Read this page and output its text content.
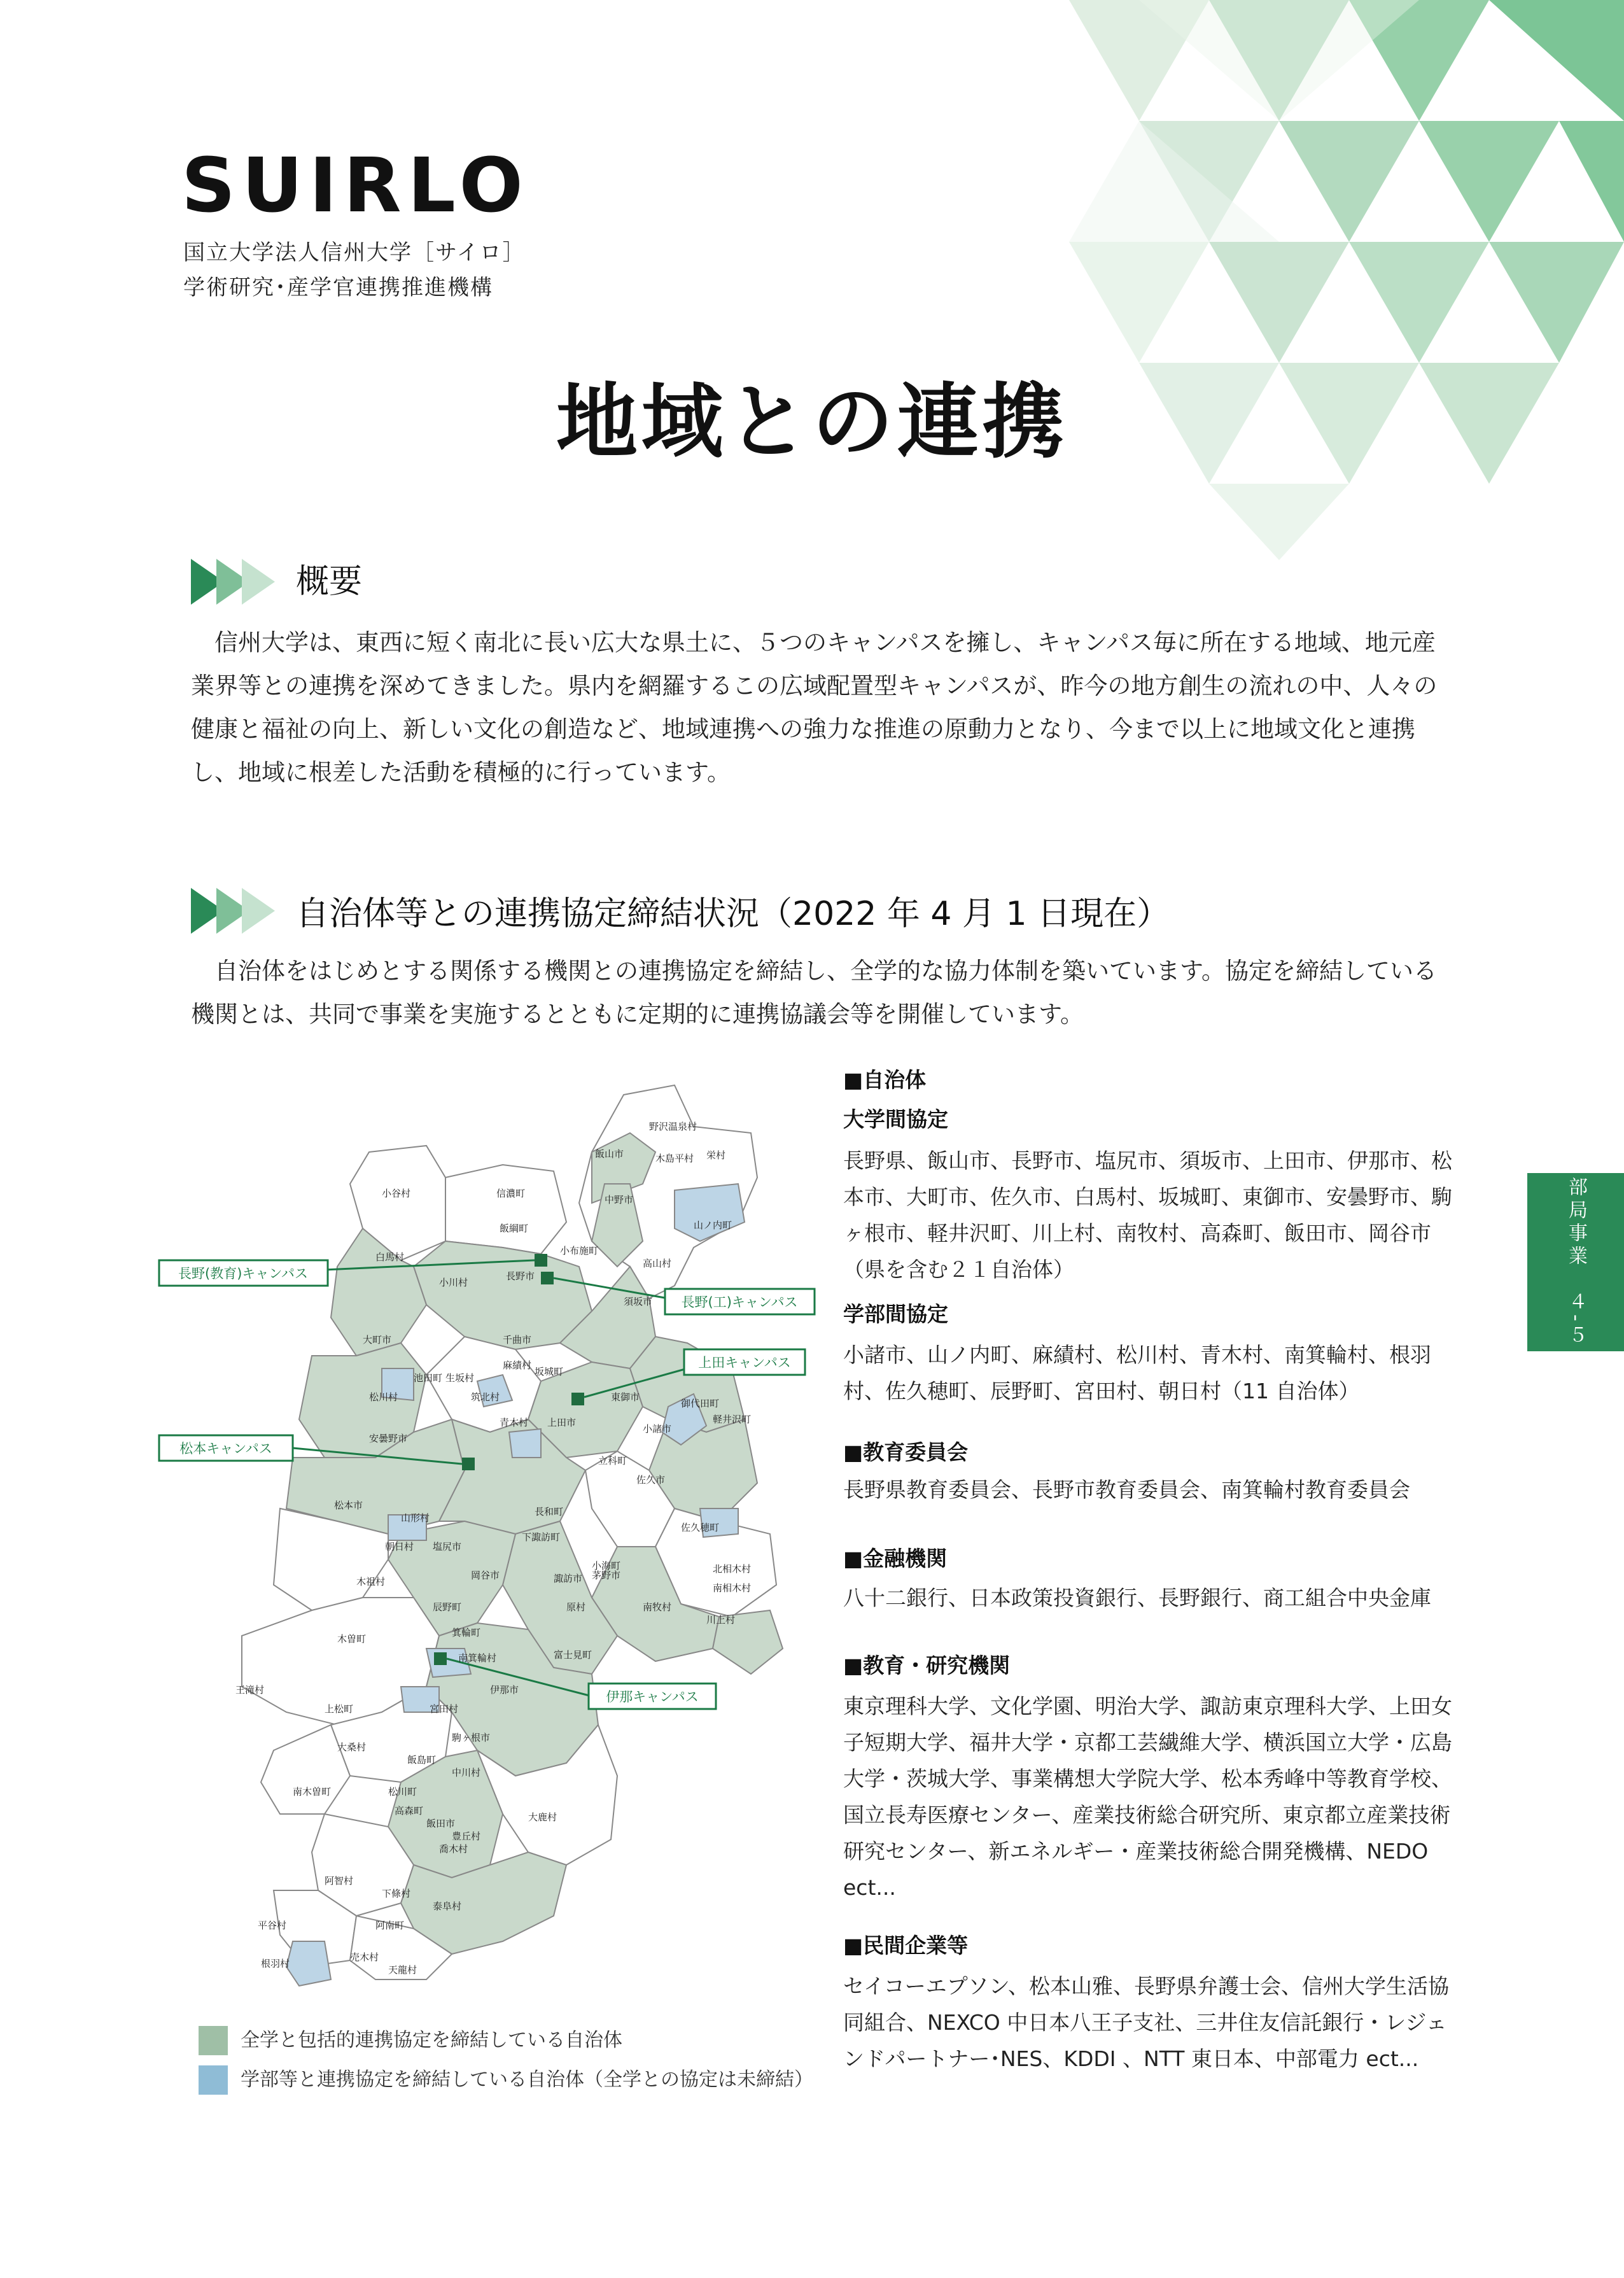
SUIRLO
国立大学法人信州大学［サイロ］
学術研究･産学官連携推進機構
地域との連携
概要
信州大学は、東西に短く南北に長い広大な県土に、５つのキャンパスを擁し、キャンパス毎に所在する地域、地元産業界等との連携を深めてきました。県内を網羅するこの広域配置型キャンパスが、昨今の地方創生の流れの中、人々の健康と福祉の向上、新しい文化の創造など、地域連携への強力な推進の原動力となり、今まで以上に地域文化と連携し、地域に根差した活動を積極的に行っています。
自治体等との連携協定締結状況（2022 年 4 月 1 日現在）
自治体をはじめとする関係する機関との連携協定を締結し、全学的な協力体制を築いています。協定を締結している機関とは、共同で事業を実施するとともに定期的に連携協議会等を開催しています。
長野(教育)キャンパス
長野(工)キャンパス
上田キャンパス
松本キャンパス
伊那キャンパス
野沢温泉村
飯山市	木島平村 栄村
小谷村	信濃町
中野市
山ノ内町
飯綱町
白馬村
小布施町
高山村
小川村
長野市
須坂市
大町市	千曲市
麻績村
坂城町
松川村
池田町 生坂村
筑北村	東御市
御代田町
軽井沢町
青木村 上田市
小諸市
安曇野市
立科町
佐久市
松本市
山形村
長和町
佐久穂町
朝日村 塩尻市
下諏訪町
小海町	北相木村
木祖村
岡谷市	諏訪市 茅野市
南相木村
辰野町	原村	南牧村
川上村
木曽町
箕輪町
富士見町
南箕輪村
伊那市
王滝村
上松町	宮田村
駒ヶ根市
大桑村
飯島町
中川村
南木曽町	松川町
高森町
飯田市
大鹿村
豊丘村
喬木村
阿智村
下條村
泰阜村
平谷村	阿南町
根羽村
売木村
天龍村
全学と包括的連携協定を締結している自治体
学部等と連携協定を締結している自治体（全学との協定は未締結）
■自治体
大学間協定
長野県、飯山市、長野市、塩尻市、須坂市、上田市、伊那市、松本市、大町市、佐久市、白馬村、坂城町、東御市、安曇野市、駒ヶ根市、軽井沢町、川上村、南牧村、高森町、飯田市、岡谷市（県を含む２１自治体）
学部間協定
小諸市、山ノ内町、麻績村、松川村、青木村、南箕輪村、根羽村、佐久穂町、辰野町、宮田村、朝日村（11 自治体）
■教育委員会
長野県教育委員会、長野市教育委員会、南箕輪村教育委員会
■金融機関
八十二銀行、日本政策投資銀行、長野銀行、商工組合中央金庫
■教育・研究機関
東京理科大学、文化学園、明治大学、諏訪東京理科大学、上田女子短期大学、福井大学・京都工芸繊維大学、横浜国立大学・広島大学・茨城大学、事業構想大学院大学、松本秀峰中等教育学校、国立長寿医療センター、産業技術総合研究所、東京都立産業技術研究センター、新エネルギー・産業技術総合開発機構、NEDO ect...
■民間企業等
セイコーエプソン、松本山雅、長野県弁護士会、信州大学生活協同組合、NEXCO 中日本八王子支社、三井住友信託銀行・レジェンドパートナー･NES、KDDI 、NTT 東日本、中部電力 ect...
部局事業　４-５
